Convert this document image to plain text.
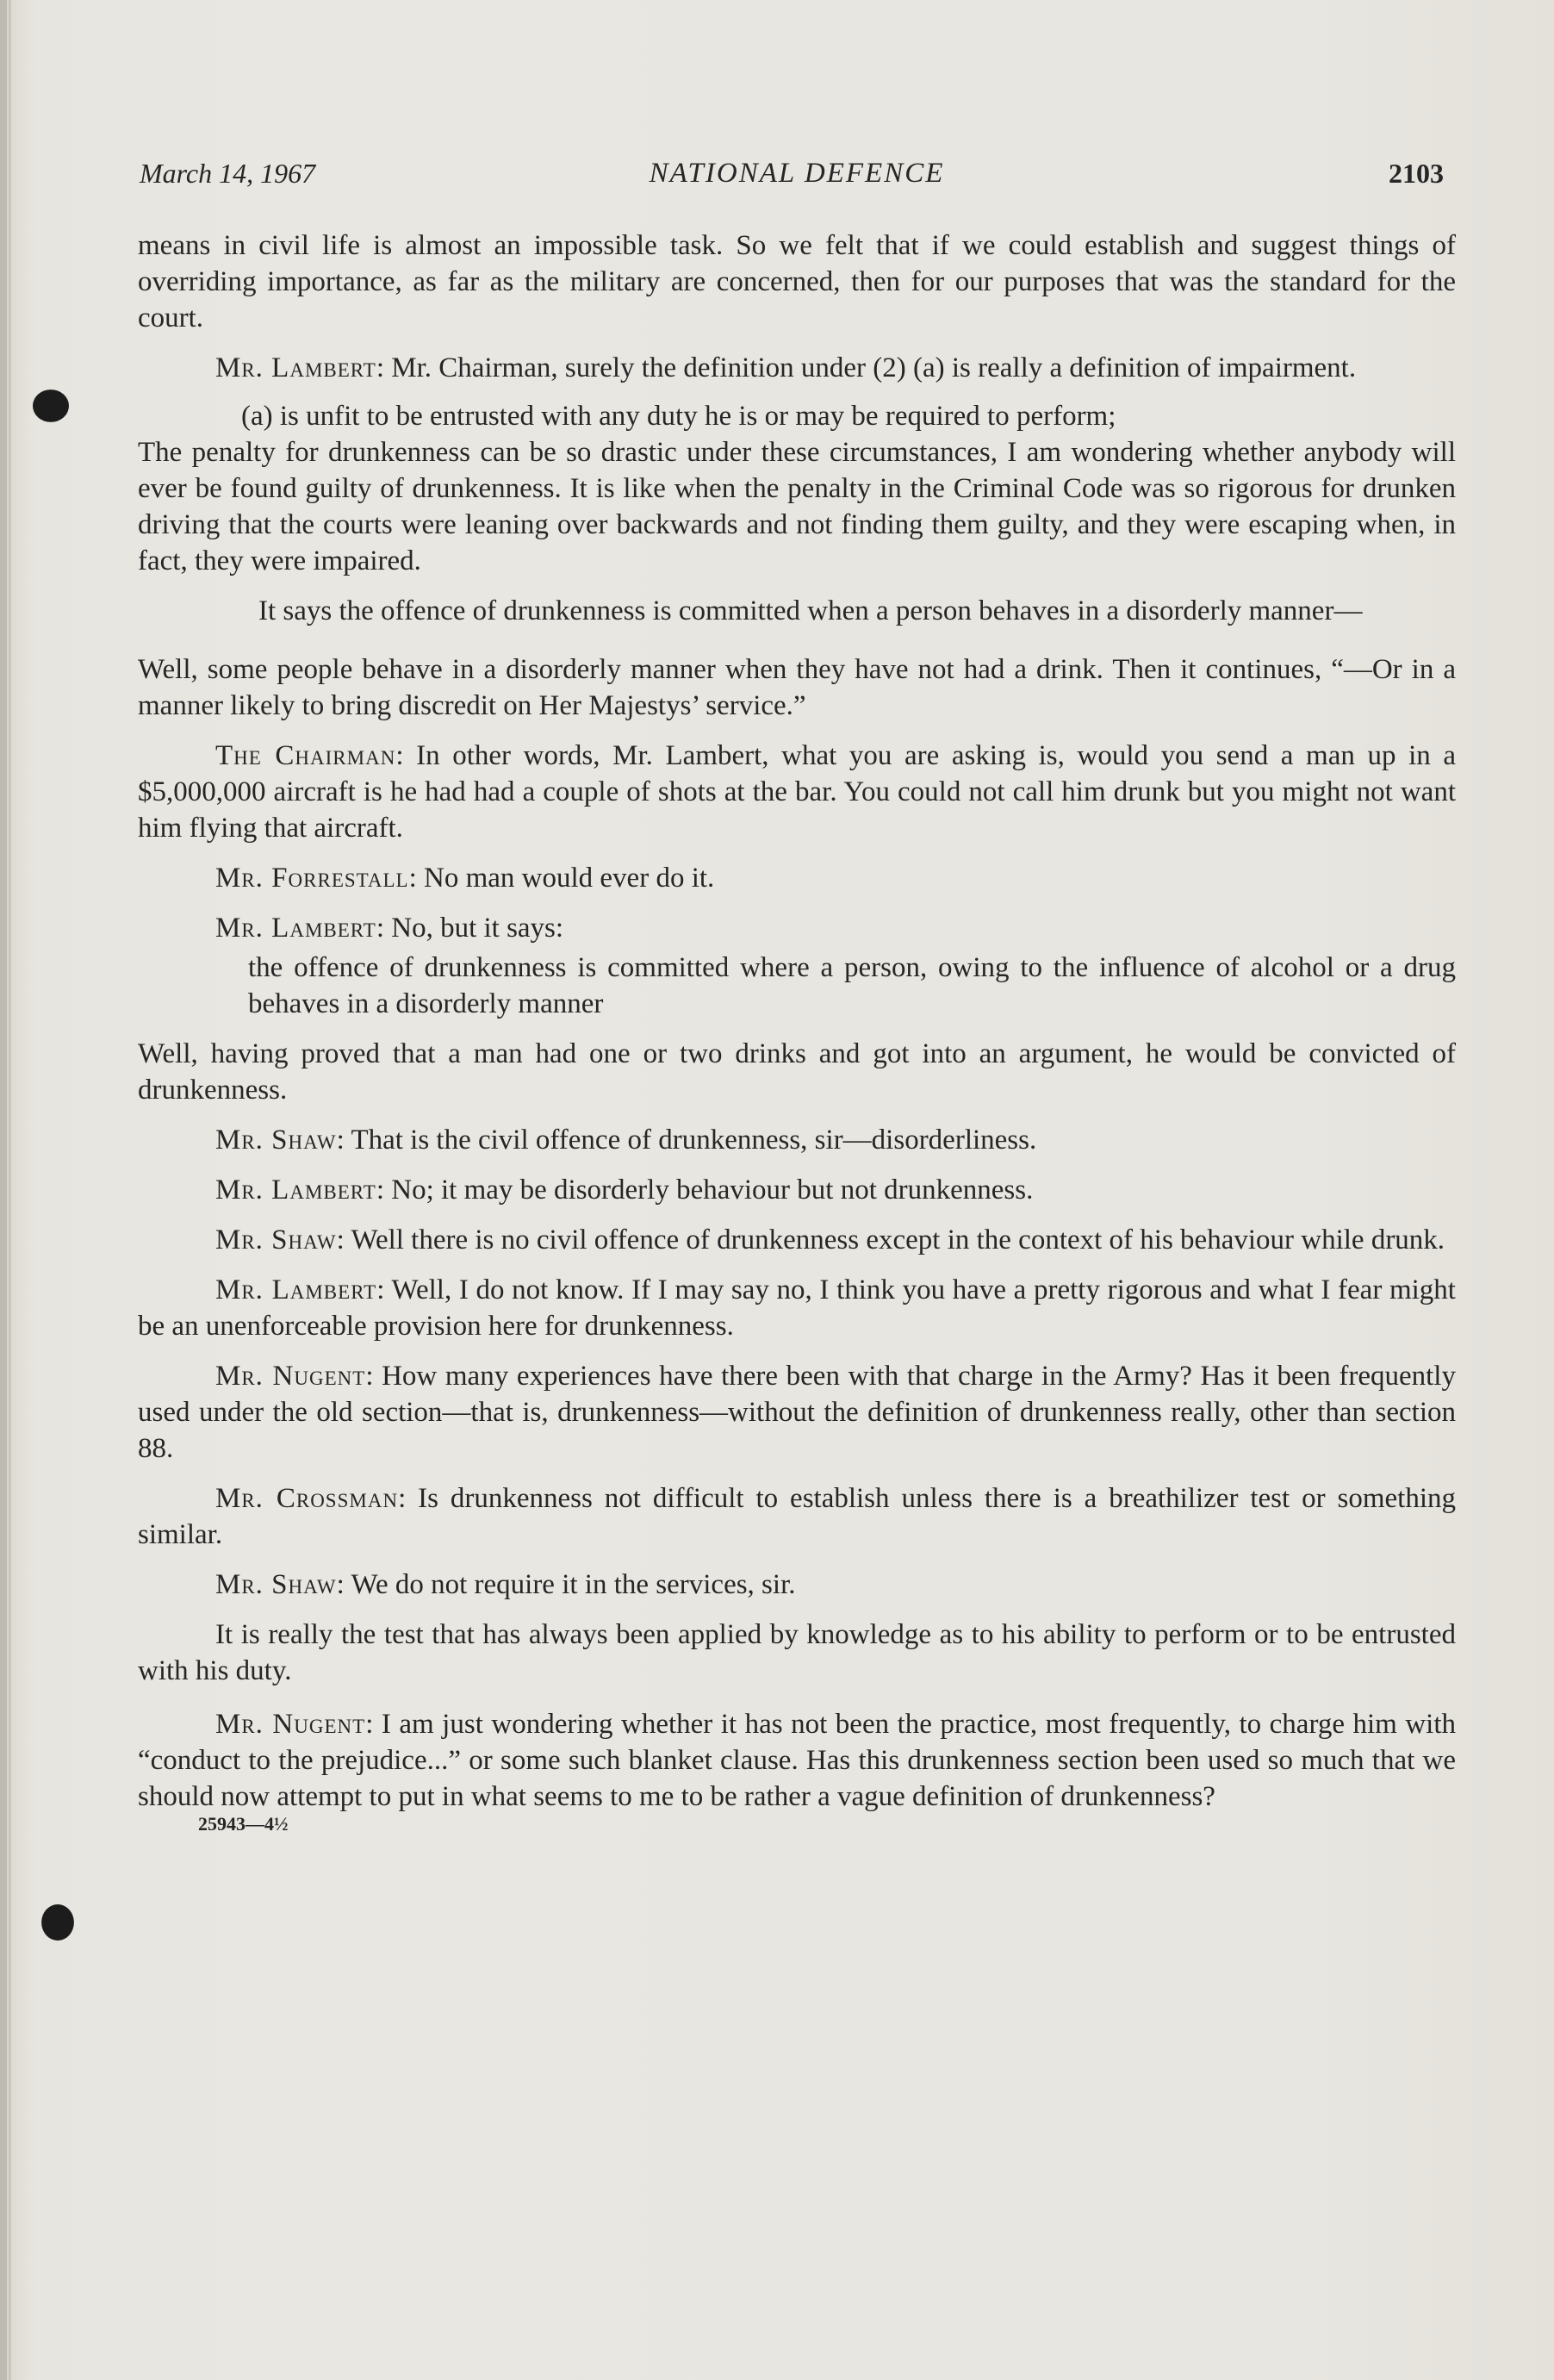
March 14, 1967	NATIONAL DEFENCE	2103

means in civil life is almost an impossible task. So we felt that if we could establish and suggest things of overriding importance, as far as the military are concerned, then for our purposes that was the standard for the court.

Mr. Lambert: Mr. Chairman, surely the definition under (2) (a) is really a definition of impairment.

(a) is unfit to be entrusted with any duty he is or may be required to perform;

The penalty for drunkenness can be so drastic under these circumstances, I am wondering whether anybody will ever be found guilty of drunkenness. It is like when the penalty in the Criminal Code was so rigorous for drunken driving that the courts were leaning over backwards and not finding them guilty, and they were escaping when, in fact, they were impaired.

It says the offence of drunkenness is committed when a person behaves in a disorderly manner—

Well, some people behave in a disorderly manner when they have not had a drink. Then it continues, “—Or in a manner likely to bring discredit on Her Majestys’ service.”

The Chairman: In other words, Mr. Lambert, what you are asking is, would you send a man up in a $5,000,000 aircraft is he had had a couple of shots at the bar. You could not call him drunk but you might not want him flying that aircraft.

Mr. Forrestall: No man would ever do it.

Mr. Lambert: No, but it says:

the offence of drunkenness is committed where a person, owing to the influence of alcohol or a drug behaves in a disorderly manner

Well, having proved that a man had one or two drinks and got into an argument, he would be convicted of drunkenness.

Mr. Shaw: That is the civil offence of drunkenness, sir—disorderliness.

Mr. Lambert: No; it may be disorderly behaviour but not drunkenness.

Mr. Shaw: Well there is no civil offence of drunkenness except in the context of his behaviour while drunk.

Mr. Lambert: Well, I do not know. If I may say no, I think you have a pretty rigorous and what I fear might be an unenforceable provision here for drunkenness.

Mr. Nugent: How many experiences have there been with that charge in the Army? Has it been frequently used under the old section—that is, drunkenness—without the definition of drunkenness really, other than section 88.

Mr. Crossman: Is drunkenness not difficult to establish unless there is a breathilizer test or something similar.

Mr. Shaw: We do not require it in the services, sir.

It is really the test that has always been applied by knowledge as to his ability to perform or to be entrusted with his duty.

Mr. Nugent: I am just wondering whether it has not been the practice, most frequently, to charge him with “conduct to the prejudice...” or some such blanket clause. Has this drunkenness section been used so much that we should now attempt to put in what seems to me to be rather a vague definition of drunkenness?

25943—4½
